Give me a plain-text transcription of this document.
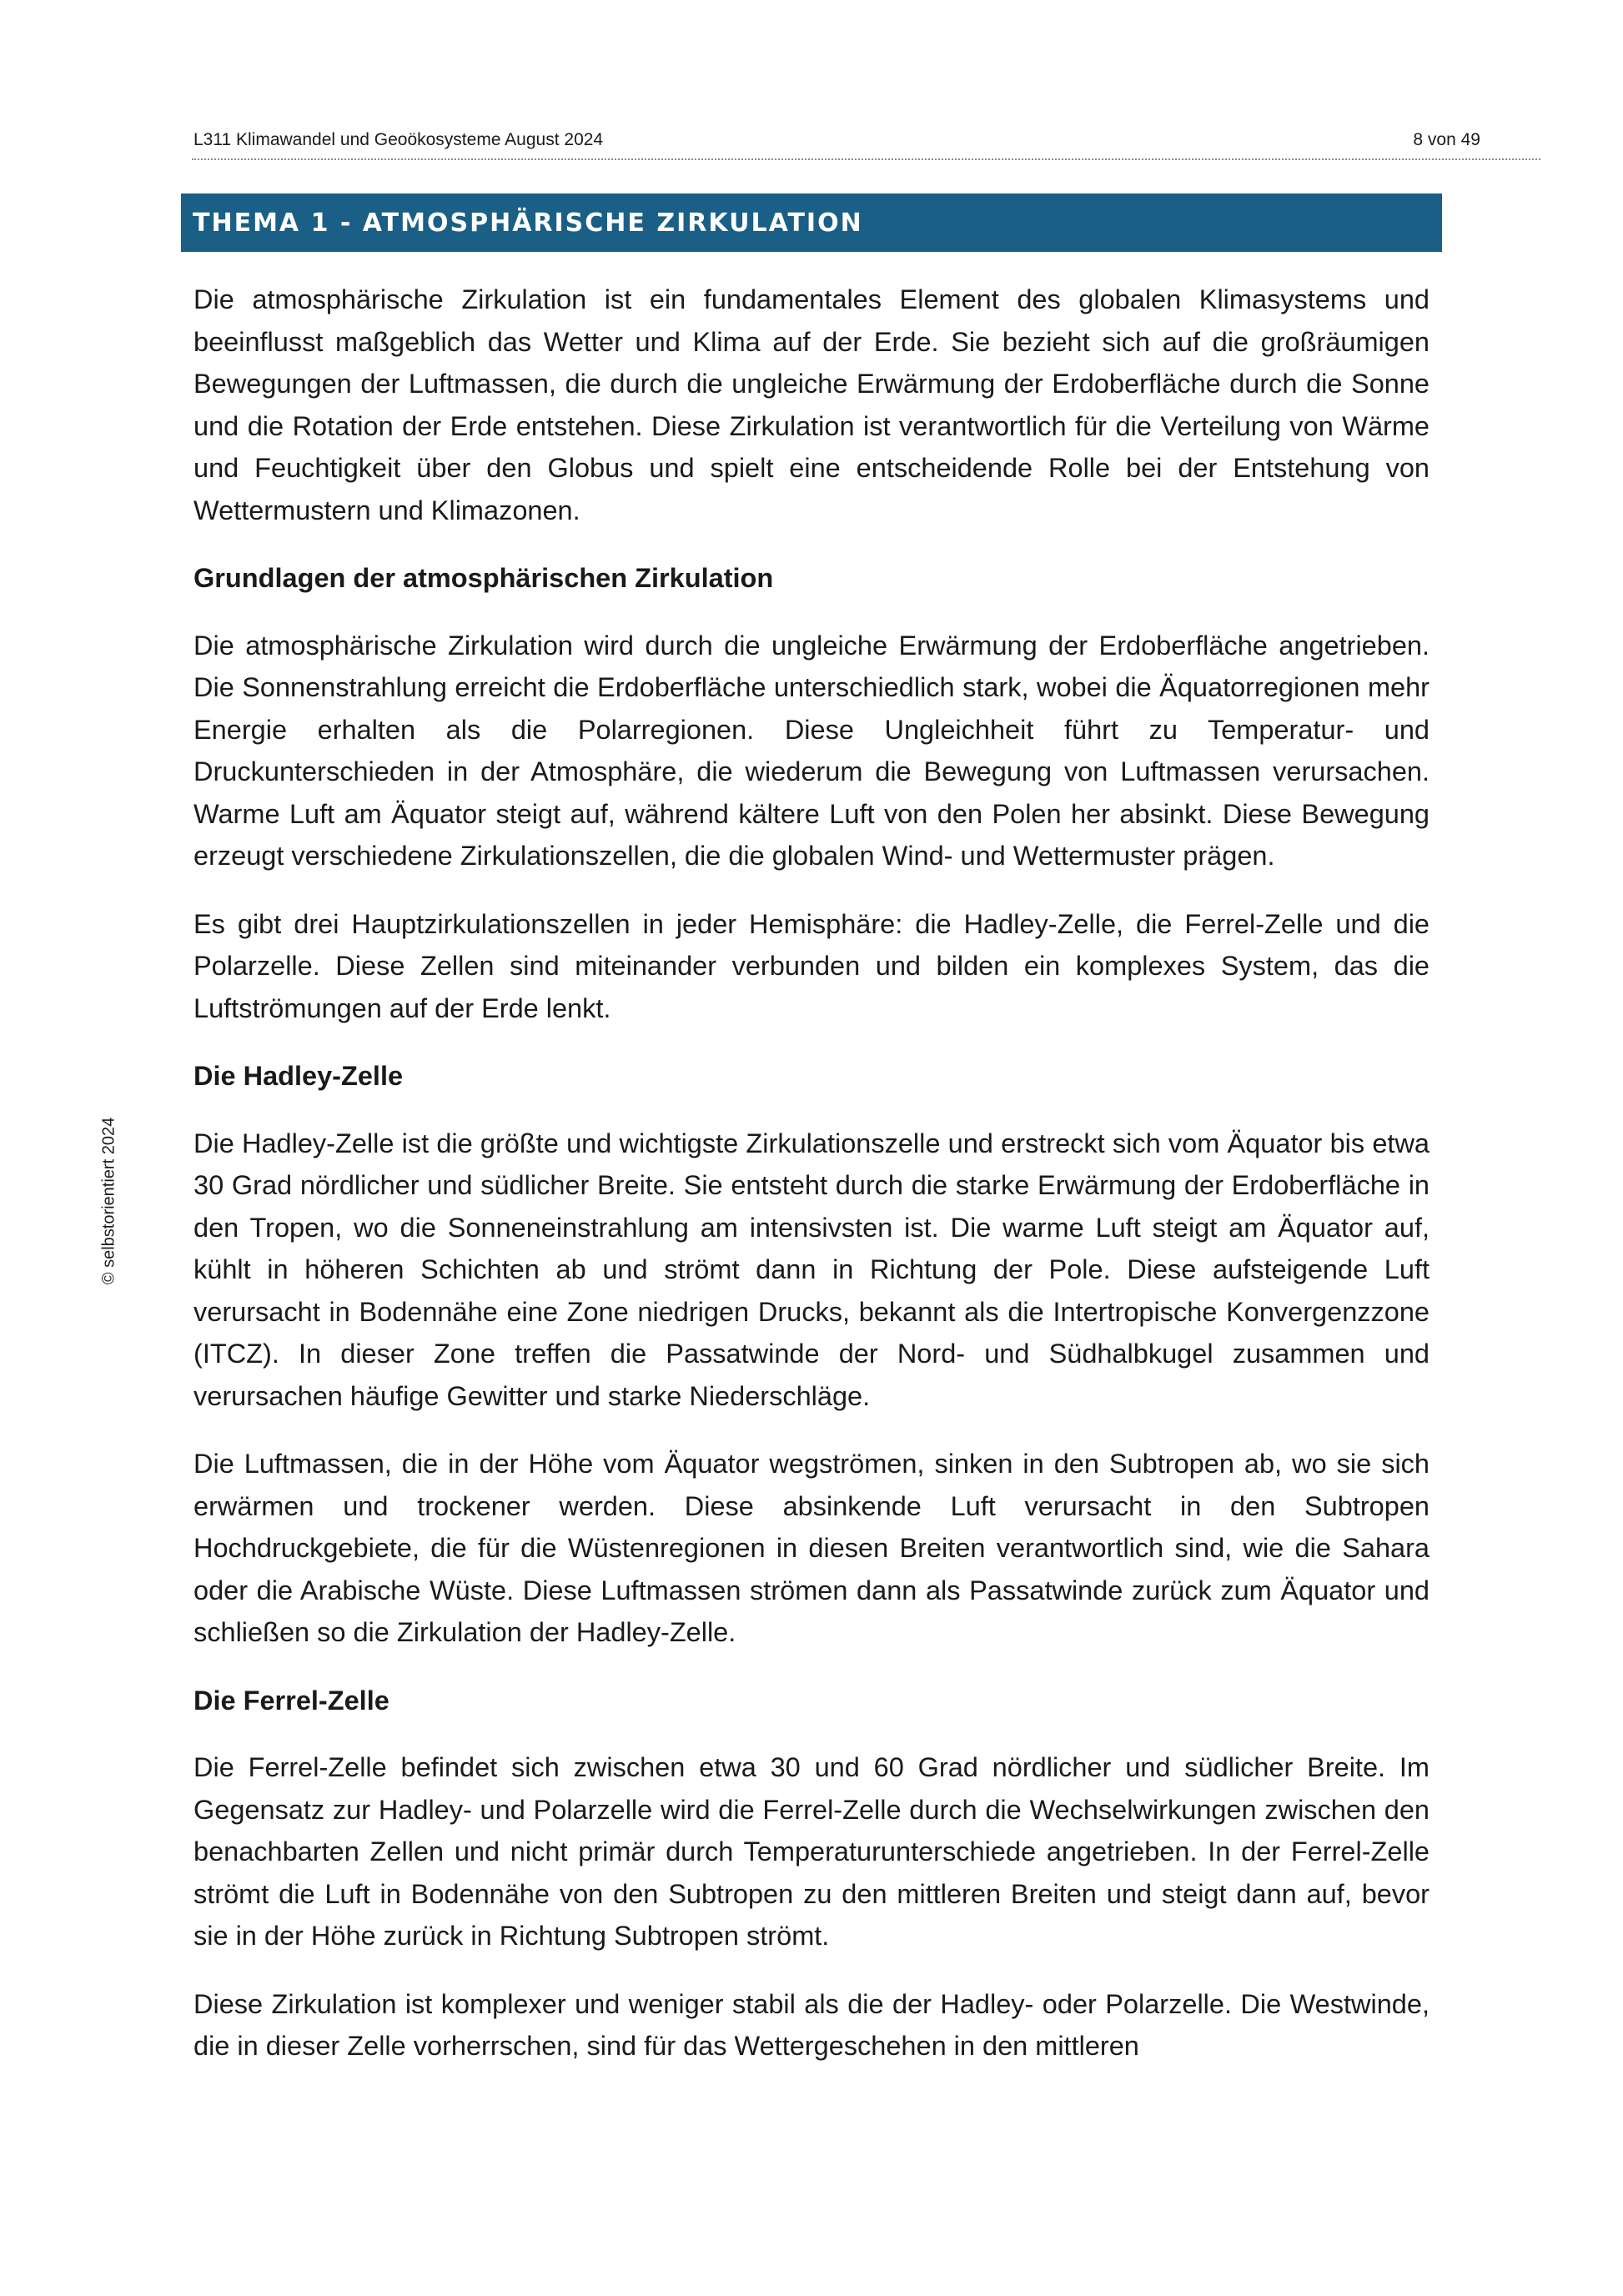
L311 Klimawandel und Geoökosysteme August 2024	8 von 49
© selbstorientiert 2024
THEMA 1 - ATMOSPHÄRISCHE ZIRKULATION

Die atmosphärische Zirkulation ist ein fundamentales Element des globalen Klimasystems und beeinflusst maßgeblich das Wetter und Klima auf der Erde. Sie bezieht sich auf die großräumigen Bewegungen der Luftmassen, die durch die ungleiche Erwärmung der Erdoberfläche durch die Sonne und die Rotation der Erde entstehen. Diese Zirkulation ist verantwortlich für die Verteilung von Wärme und Feuchtigkeit über den Globus und spielt eine entscheidende Rolle bei der Entstehung von Wettermustern und Klimazonen.

Grundlagen der atmosphärischen Zirkulation

Die atmosphärische Zirkulation wird durch die ungleiche Erwärmung der Erdoberfläche angetrieben. Die Sonnenstrahlung erreicht die Erdoberfläche unterschiedlich stark, wobei die Äquatorregionen mehr Energie erhalten als die Polarregionen. Diese Ungleichheit führt zu Temperatur- und Druckunterschieden in der Atmosphäre, die wiederum die Bewegung von Luftmassen verursachen. Warme Luft am Äquator steigt auf, während kältere Luft von den Polen her absinkt. Diese Bewegung erzeugt verschiedene Zirkulationszellen, die die globalen Wind- und Wettermuster prägen.

Es gibt drei Hauptzirkulationszellen in jeder Hemisphäre: die Hadley-Zelle, die Ferrel-Zelle und die Polarzelle. Diese Zellen sind miteinander verbunden und bilden ein komplexes System, das die Luftströmungen auf der Erde lenkt.

Die Hadley-Zelle

Die Hadley-Zelle ist die größte und wichtigste Zirkulationszelle und erstreckt sich vom Äquator bis etwa 30 Grad nördlicher und südlicher Breite. Sie entsteht durch die starke Erwärmung der Erdoberfläche in den Tropen, wo die Sonneneinstrahlung am intensivsten ist. Die warme Luft steigt am Äquator auf, kühlt in höheren Schichten ab und strömt dann in Richtung der Pole. Diese aufsteigende Luft verursacht in Bodennähe eine Zone niedrigen Drucks, bekannt als die Intertropische Konvergenzzone (ITCZ). In dieser Zone treffen die Passatwinde der Nord- und Südhalbkugel zusammen und verursachen häufige Gewitter und starke Niederschläge.

Die Luftmassen, die in der Höhe vom Äquator wegströmen, sinken in den Subtropen ab, wo sie sich erwärmen und trockener werden. Diese absinkende Luft verursacht in den Subtropen Hochdruckgebiete, die für die Wüstenregionen in diesen Breiten verantwortlich sind, wie die Sahara oder die Arabische Wüste. Diese Luftmassen strömen dann als Passatwinde zurück zum Äquator und schließen so die Zirkulation der Hadley-Zelle.

Die Ferrel-Zelle

Die Ferrel-Zelle befindet sich zwischen etwa 30 und 60 Grad nördlicher und südlicher Breite. Im Gegensatz zur Hadley- und Polarzelle wird die Ferrel-Zelle durch die Wechselwirkungen zwischen den benachbarten Zellen und nicht primär durch Temperaturunterschiede angetrieben. In der Ferrel-Zelle strömt die Luft in Bodennähe von den Subtropen zu den mittleren Breiten und steigt dann auf, bevor sie in der Höhe zurück in Richtung Subtropen strömt.

Diese Zirkulation ist komplexer und weniger stabil als die der Hadley- oder Polarzelle. Die Westwinde, die in dieser Zelle vorherrschen, sind für das Wettergeschehen in den mittleren
